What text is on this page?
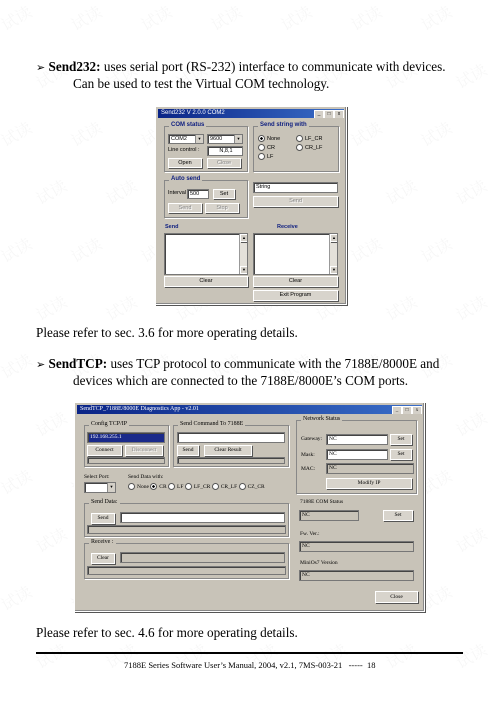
➢ Send232: uses serial port (RS-232) interface to communicate with devices.
Can be used to test the Virtual COM technology.
Send232 V 2.0.0 COM2	_	□	x
COM status
COM2	▼	9600	▼
Line control :	N,8,1
Open	Close
Send string with
None	LF_CR
CR	CR_LF
LF
Auto send
Interval 500	Set
Send	Stop
String
Send
Send	Receive
▲
▼
▲
▼
Clear	Clear
Exit Program
Please refer to sec. 3.6 for more operating details.
➢ SendTCP: uses TCP protocol to communicate with the 7188E/8000E and
devices which are connected to the 7188E/8000E’s COM ports.
SendTCP_7188E/8000E Diagnostics App - v2.01	_	□	x
Config TCP/IP
192.168.255.1
Connect	Disconnect
Send Command To 7188E
Send	Clear Result
Network Status
Gateway:	NC	Set
Mask:	NC	Set
MAC:	NC
Modify IP
Select Port:
▼
Send Data with:
None CR LF LF_CR CR_LF CZ_CR
Send Data:
Send
Receive :
Clear
7188E COM Status
NC	Set
Fw. Ver.:
NC
MiniOs7 Version
NC
Close
Please refer to sec. 4.6 for more operating details.
7188E Series Software User’s Manual, 2004, v2.1, 7MS-003-21   -----  18
